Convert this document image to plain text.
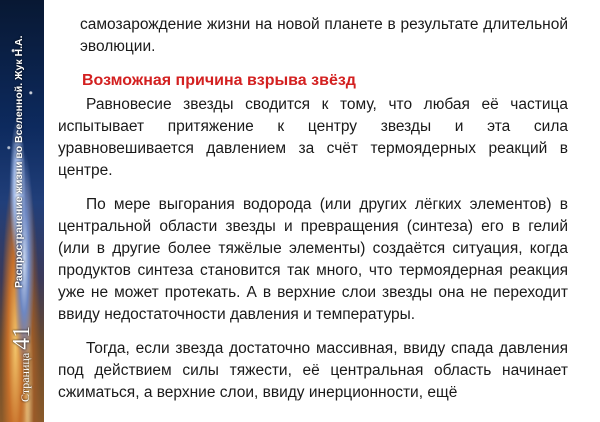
Распространение жизни во Вселенной. Жук Н.А.
Страница41
самозарождение жизни на новой планете в результате длительной эволюции.
Возможная причина взрыва звёзд

Равновесие звезды сводится к тому, что любая её частица испытывает притяжение к центру звезды и эта сила уравновешивается давлением за счёт термоядерных реакций в центре.

По мере выгорания водорода (или других лёгких элементов) в центральной области звезды и превращения (синтеза) его в гелий (или в другие более тяжёлые элементы) создаётся ситуация, когда продуктов синтеза становится так много, что термоядерная реакция уже не может протекать. А в верхние слои звезды она не переходит ввиду недостаточности давления и температуры.

Тогда, если звезда достаточно массивная, ввиду спада давления под действием силы тяжести, её центральная область начинает сжиматься, а верхние слои, ввиду инерционности, ещё
